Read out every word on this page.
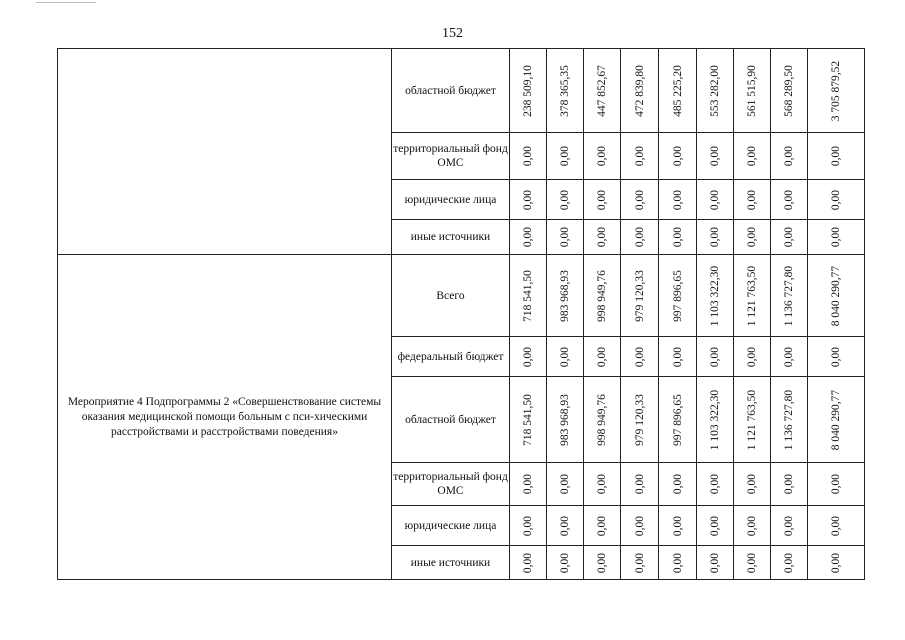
152
	областной бюджет	238 509,10	378 365,35	447 852,67	472 839,80	485 225,20	553 282,00	561 515,90	568 289,50	3 705 879,52

	территориальный фонд ОМС	0,00	0,00	0,00	0,00	0,00	0,00	0,00	0,00	0,00

	юридические лица	0,00	0,00	0,00	0,00	0,00	0,00	0,00	0,00	0,00

	иные источники	0,00	0,00	0,00	0,00	0,00	0,00	0,00	0,00	0,00

Мероприятие 4 Подпрограммы 2 «Совершенствование системы оказания медицинской помощи больным с пси-хическими расстройствами и расстройствами поведения»	Всего	718 541,50	983 968,93	998 949,76	979 120,33	997 896,65	1 103 322,30	1 121 763,50	1 136 727,80	8 040 290,77

	федеральный бюджет	0,00	0,00	0,00	0,00	0,00	0,00	0,00	0,00	0,00

	областной бюджет	718 541,50	983 968,93	998 949,76	979 120,33	997 896,65	1 103 322,30	1 121 763,50	1 136 727,80	8 040 290,77

	территориальный фонд ОМС	0,00	0,00	0,00	0,00	0,00	0,00	0,00	0,00	0,00

	юридические лица	0,00	0,00	0,00	0,00	0,00	0,00	0,00	0,00	0,00

	иные источники	0,00	0,00	0,00	0,00	0,00	0,00	0,00	0,00	0,00
